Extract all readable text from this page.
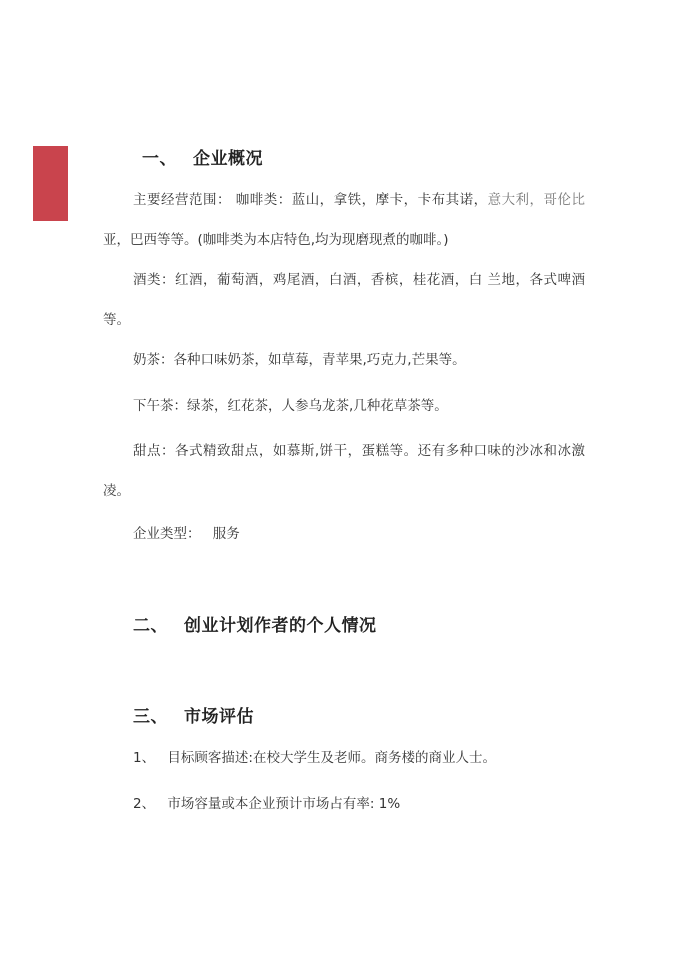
一、 企业概况
主要经营范围： 咖啡类：蓝山，拿铁，摩卡，卡布其诺，意大利，哥伦比亚，巴西等等。(咖啡类为本店特色,均为现磨现煮的咖啡。)
酒类：红酒，葡萄酒，鸡尾酒，白酒，香槟，桂花酒，白 兰地，各式啤酒等。
奶茶：各种口味奶茶，如草莓，青苹果,巧克力,芒果等。
下午茶：绿茶，红花茶，人参乌龙茶,几种花草茶等。
甜点：各式精致甜点，如慕斯,饼干，蛋糕等。还有多种口味的沙冰和冰激凌。
企业类型： 服务
二、 创业计划作者的个人情况
三、 市场评估
1、 目标顾客描述:在校大学生及老师。商务楼的商业人士。
2、 市场容量或本企业预计市场占有率: 1%
